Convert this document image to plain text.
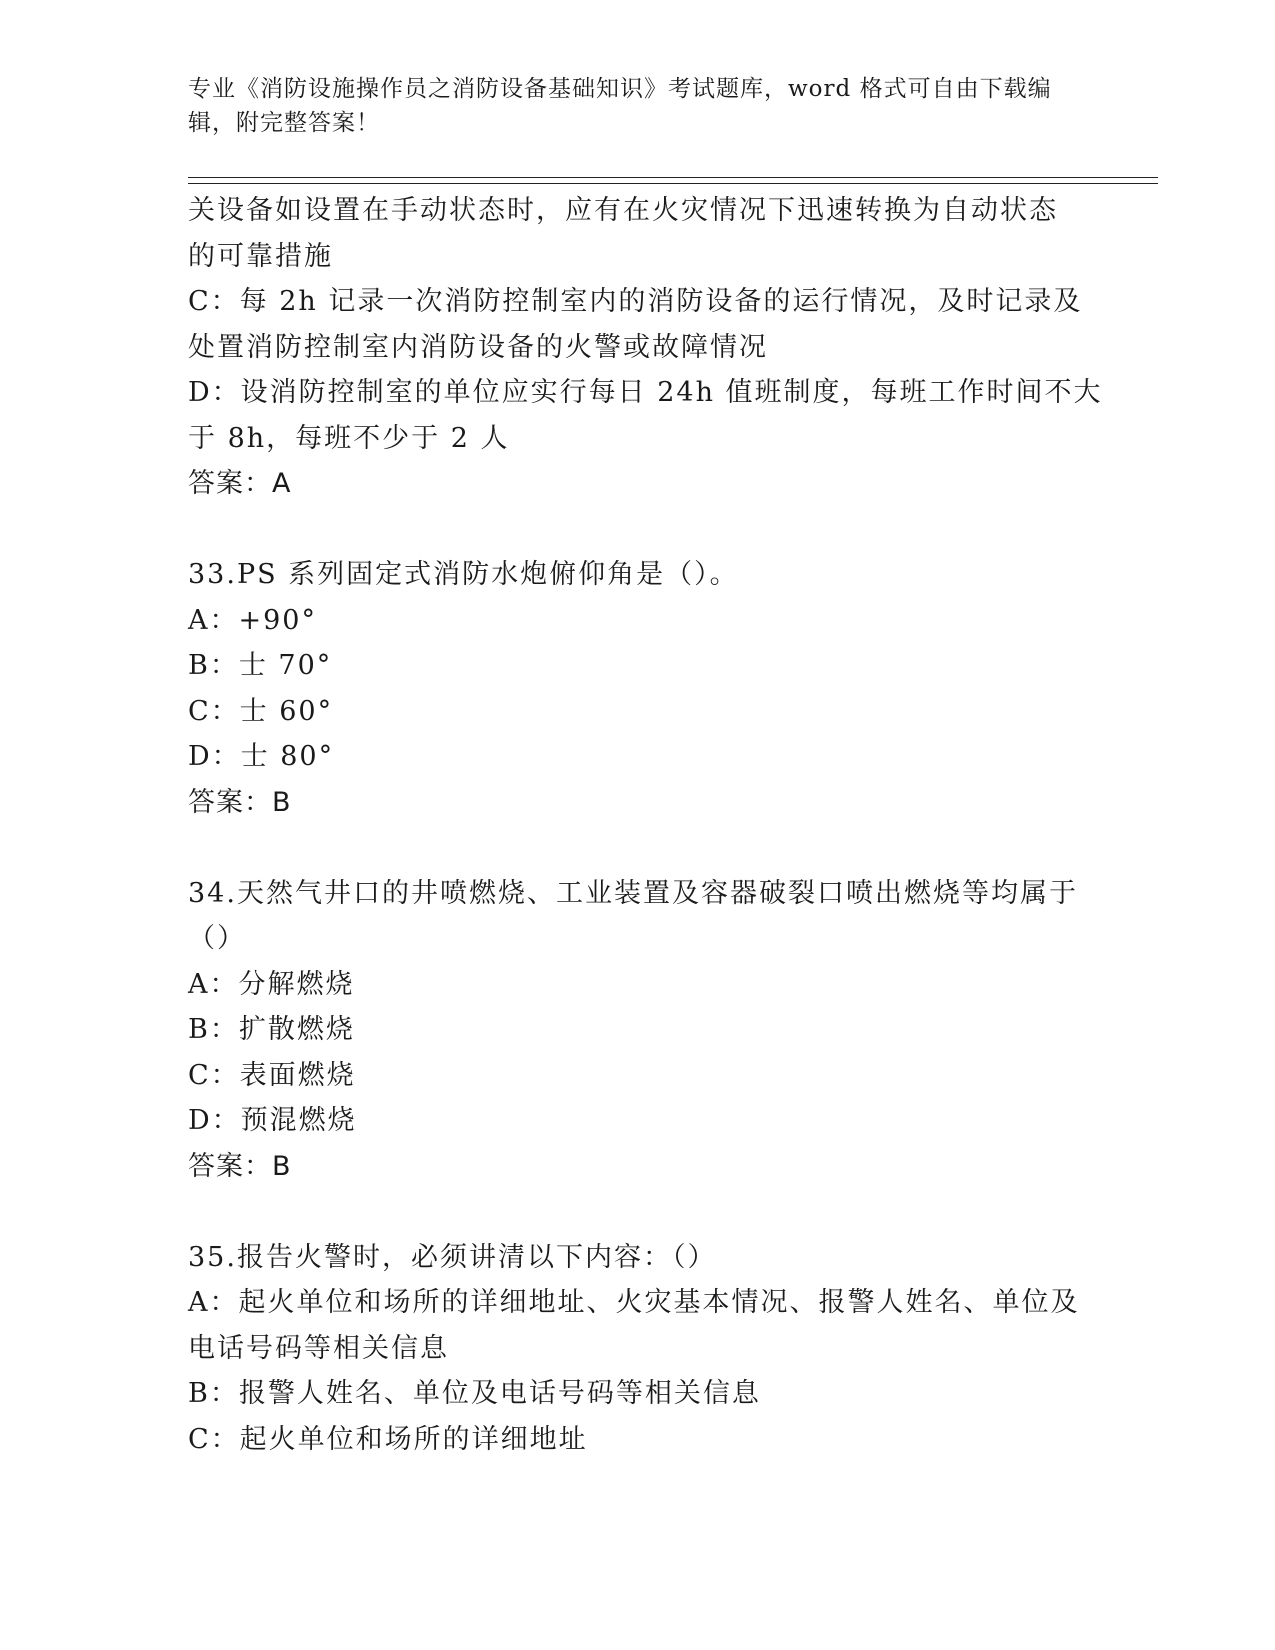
专业《消防设施操作员之消防设备基础知识》考试题库，word 格式可自由下载编
辑，附完整答案！
关设备如设置在手动状态时，应有在火灾情况下迅速转换为自动状态
的可靠措施
C：每 2h 记录一次消防控制室内的消防设备的运行情况，及时记录及
处置消防控制室内消防设备的火警或故障情况
D：设消防控制室的单位应实行每日 24h 值班制度，每班工作时间不大
于 8h，每班不少于 2 人
答案：A
33.PS 系列固定式消防水炮俯仰角是（）。
A：+90°
B：士 70°
C：士 60°
D：士 80°
答案：B
34.天然气井口的井喷燃烧、工业装置及容器破裂口喷出燃烧等均属于
（）
A：分解燃烧
B：扩散燃烧
C：表面燃烧
D：预混燃烧
答案：B
35.报告火警时，必须讲清以下内容：（）
A：起火单位和场所的详细地址、火灾基本情况、报警人姓名、单位及
电话号码等相关信息
B：报警人姓名、单位及电话号码等相关信息
C：起火单位和场所的详细地址
